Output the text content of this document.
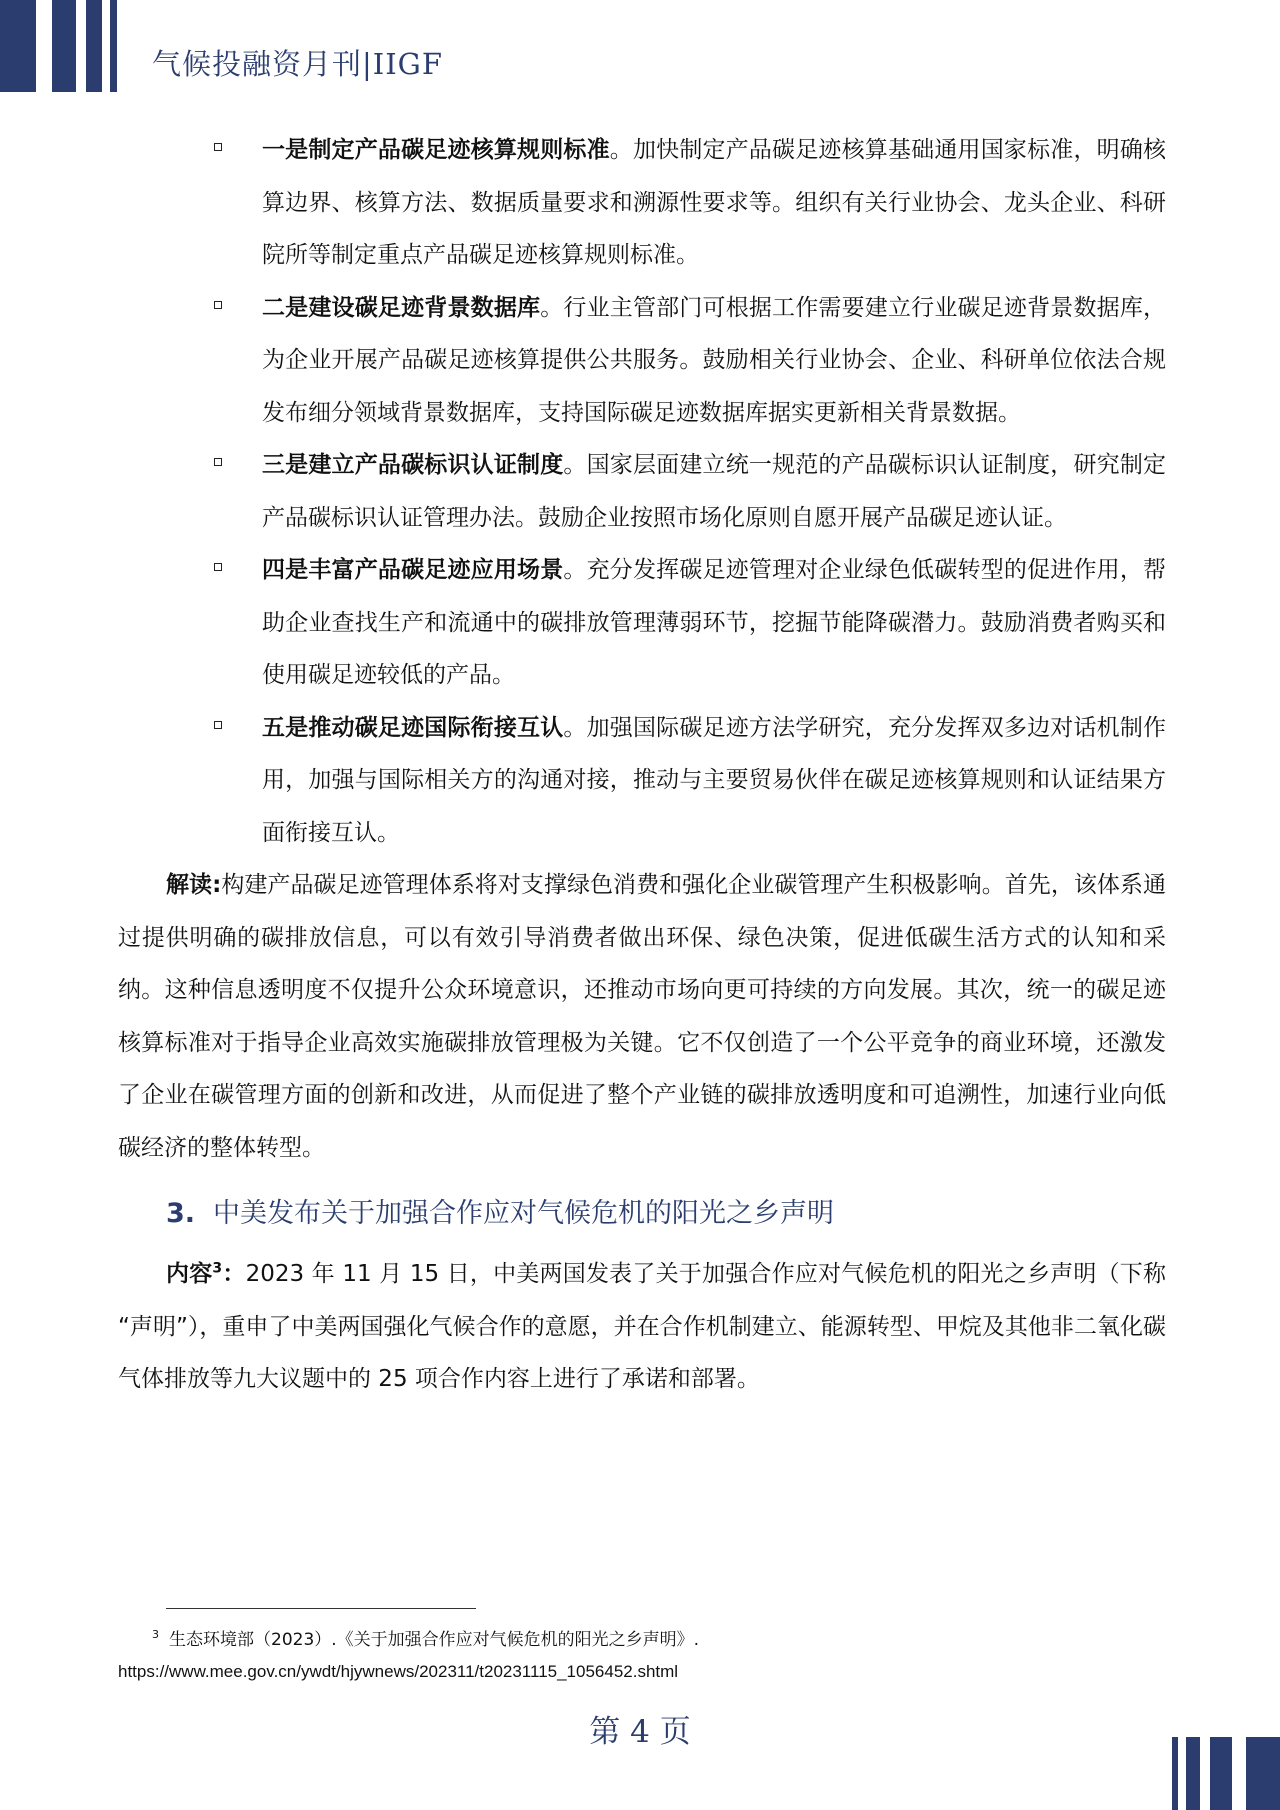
气候投融资月刊|IIGF

一是制定产品碳足迹核算规则标准。加快制定产品碳足迹核算基础通用国家标准，明确核算边界、核算方法、数据质量要求和溯源性要求等。组织有关行业协会、龙头企业、科研院所等制定重点产品碳足迹核算规则标准。

二是建设碳足迹背景数据库。行业主管部门可根据工作需要建立行业碳足迹背景数据库，为企业开展产品碳足迹核算提供公共服务。鼓励相关行业协会、企业、科研单位依法合规发布细分领域背景数据库，支持国际碳足迹数据库据实更新相关背景数据。

三是建立产品碳标识认证制度。国家层面建立统一规范的产品碳标识认证制度，研究制定产品碳标识认证管理办法。鼓励企业按照市场化原则自愿开展产品碳足迹认证。

四是丰富产品碳足迹应用场景。充分发挥碳足迹管理对企业绿色低碳转型的促进作用，帮助企业查找生产和流通中的碳排放管理薄弱环节，挖掘节能降碳潜力。鼓励消费者购买和使用碳足迹较低的产品。

五是推动碳足迹国际衔接互认。加强国际碳足迹方法学研究，充分发挥双多边对话机制作用，加强与国际相关方的沟通对接，推动与主要贸易伙伴在碳足迹核算规则和认证结果方面衔接互认。

解读:构建产品碳足迹管理体系将对支撑绿色消费和强化企业碳管理产生积极影响。首先，该体系通过提供明确的碳排放信息，可以有效引导消费者做出环保、绿色决策，促进低碳生活方式的认知和采纳。这种信息透明度不仅提升公众环境意识，还推动市场向更可持续的方向发展。其次，统一的碳足迹核算标准对于指导企业高效实施碳排放管理极为关键。它不仅创造了一个公平竞争的商业环境，还激发了企业在碳管理方面的创新和改进，从而促进了整个产业链的碳排放透明度和可追溯性，加速行业向低碳经济的整体转型。

3. 中美发布关于加强合作应对气候危机的阳光之乡声明

内容$^3$：2023 年 11 月 15 日，中美两国发表了关于加强合作应对气候危机的阳光之乡声明（下称 “声明”），重申了中美两国强化气候合作的意愿，并在合作机制建立、能源转型、甲烷及其他非二氧化碳气体排放等九大议题中的 25 项合作内容上进行了承诺和部署。

$^3$ 生态环境部（2023）.《关于加强合作应对气候危机的阳光之乡声明》.
https://www.mee.gov.cn/ywdt/hjywnews/202311/t20231115_1056452.shtml
第 4 页
